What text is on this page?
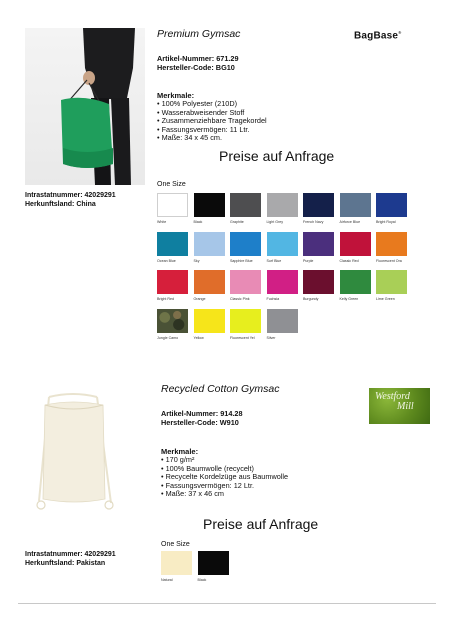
Premium Gymsac	BagBase®
Artikel-Nummer: 671.29
Hersteller-Code: BG10
Merkmale:
• 100% Polyester (210D)
• Wasserabweisender Stoff
• Zusammenziehbare Tragekordel
• Fassungsvermögen: 11 Ltr.
• Maße: 34 x 45 cm.
Preise auf Anfrage
Intrastatnummer: 42029291
Herkunftsland: China
One Size
White	Black	Graphite	Light Grey	French Navy	Airforce Blue	Bright Royal
Ocean Blue	Sky	Sapphire Blue	Surf Blue	Purple	Classic Red	Fluorescent Ora
Bright Red	Orange	Classic Pink	Fuchsia	Burgundy	Kelly Green	Lime Green
Jungle Camo	Yellow	Fluorescent Yel	Silver
Recycled Cotton Gymsac
Westford
Mill
Artikel-Nummer: 914.28
Hersteller-Code: W910
Merkmale:
• 170 g/m²
• 100% Baumwolle (recycelt)
• Recycelte Kordelzüge aus Baumwolle
• Fassungsvermögen: 12 Ltr.
• Maße: 37 x 46 cm
Preise auf Anfrage
Intrastatnummer: 42029291
Herkunftsland: Pakistan
One Size
Natural	Black
